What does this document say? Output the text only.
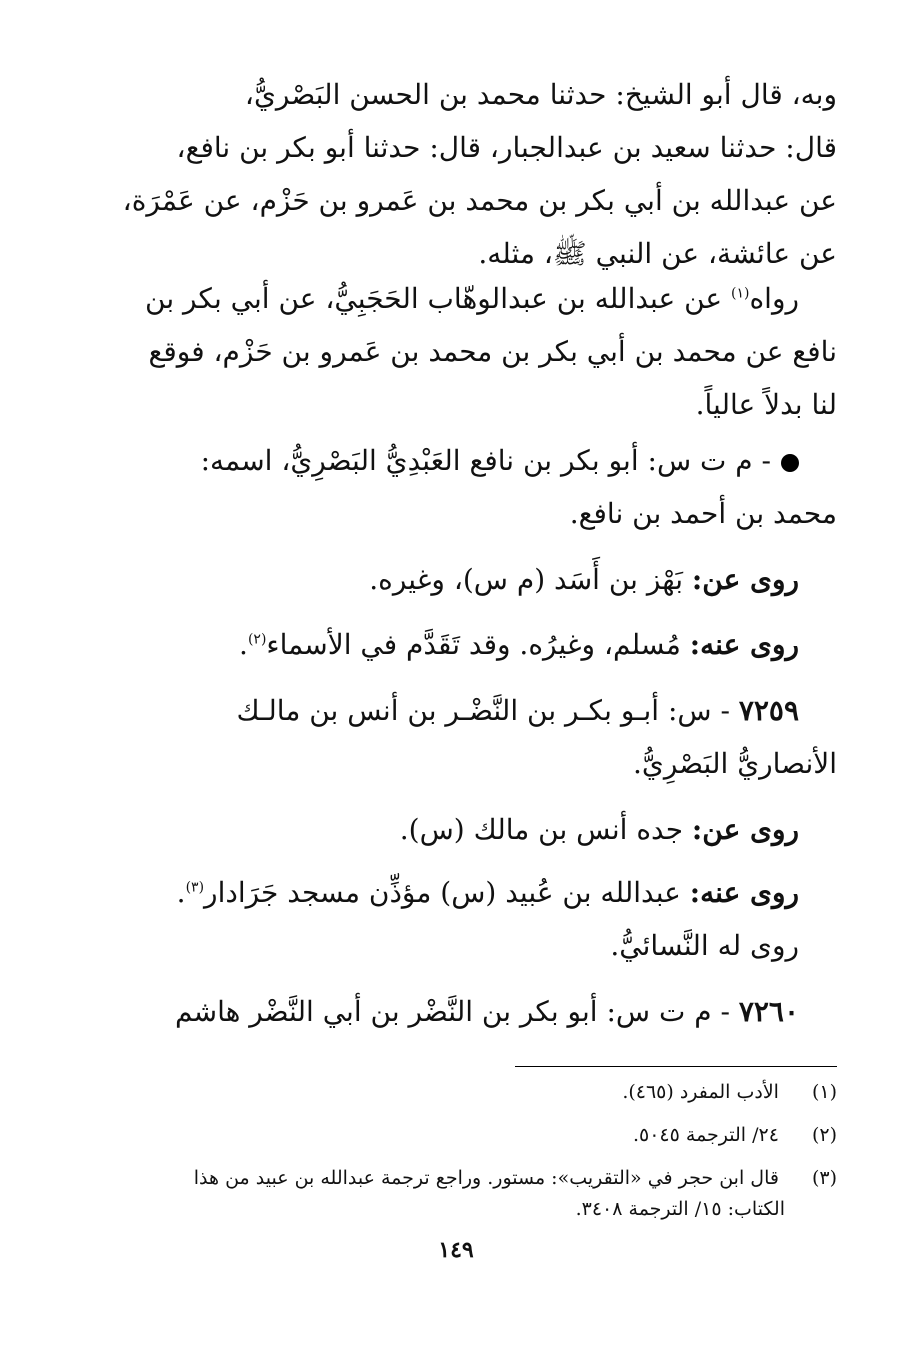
وبه، قال أبو الشيخ: حدثنا محمد بن الحسن البَصْريُّ،
قال: حدثنا سعيد بن عبدالجبار، قال: حدثنا أبو بكر بن نافع،
عن عبدالله بن أبي بكر بن محمد بن عَمرو بن حَزْم، عن عَمْرَة،
عن عائشة، عن النبي ﷺ، مثله.
رواه$^{(١)}$ عن عبدالله بن عبدالوهّاب الحَجَبِيُّ، عن أبي بكر بن
نافع عن محمد بن أبي بكر بن محمد بن عَمرو بن حَزْم، فوقع
لنا بدلاً عالياً.
- م ت س: أبو بكر بن نافع العَبْدِيُّ البَصْرِيُّ، اسمه:
محمد بن أحمد بن نافع.
روى عن: بَهْز بن أَسَد (م س)، وغيره.
روى عنه: مُسلم، وغيرُه. وقد تَقَدَّم في الأسماء$^{(٢)}$.
٧٢٥٩ - س: أبـو بكـر بن النَّضْـر بن أنس بن مالـك
الأنصاريُّ البَصْرِيُّ.
روى عن: جده أنس بن مالك (س).
روى عنه: عبدالله بن عُبيد (س) مؤذِّن مسجد جَرَادار$^{(٣)}$.
روى له النَّسائيُّ.
٧٢٦٠ - م ت س: أبو بكر بن النَّضْر بن أبي النَّضْر هاشم
(١) الأدب المفرد (٤٦٥).
(٢) ٢٤/ الترجمة ٥٠٤٥.
(٣) قال ابن حجر في «التقريب»: مستور. وراجع ترجمة عبدالله بن عبيد من هذا
الكتاب: ١٥/ الترجمة ٣٤٠٨.
١٤٩
